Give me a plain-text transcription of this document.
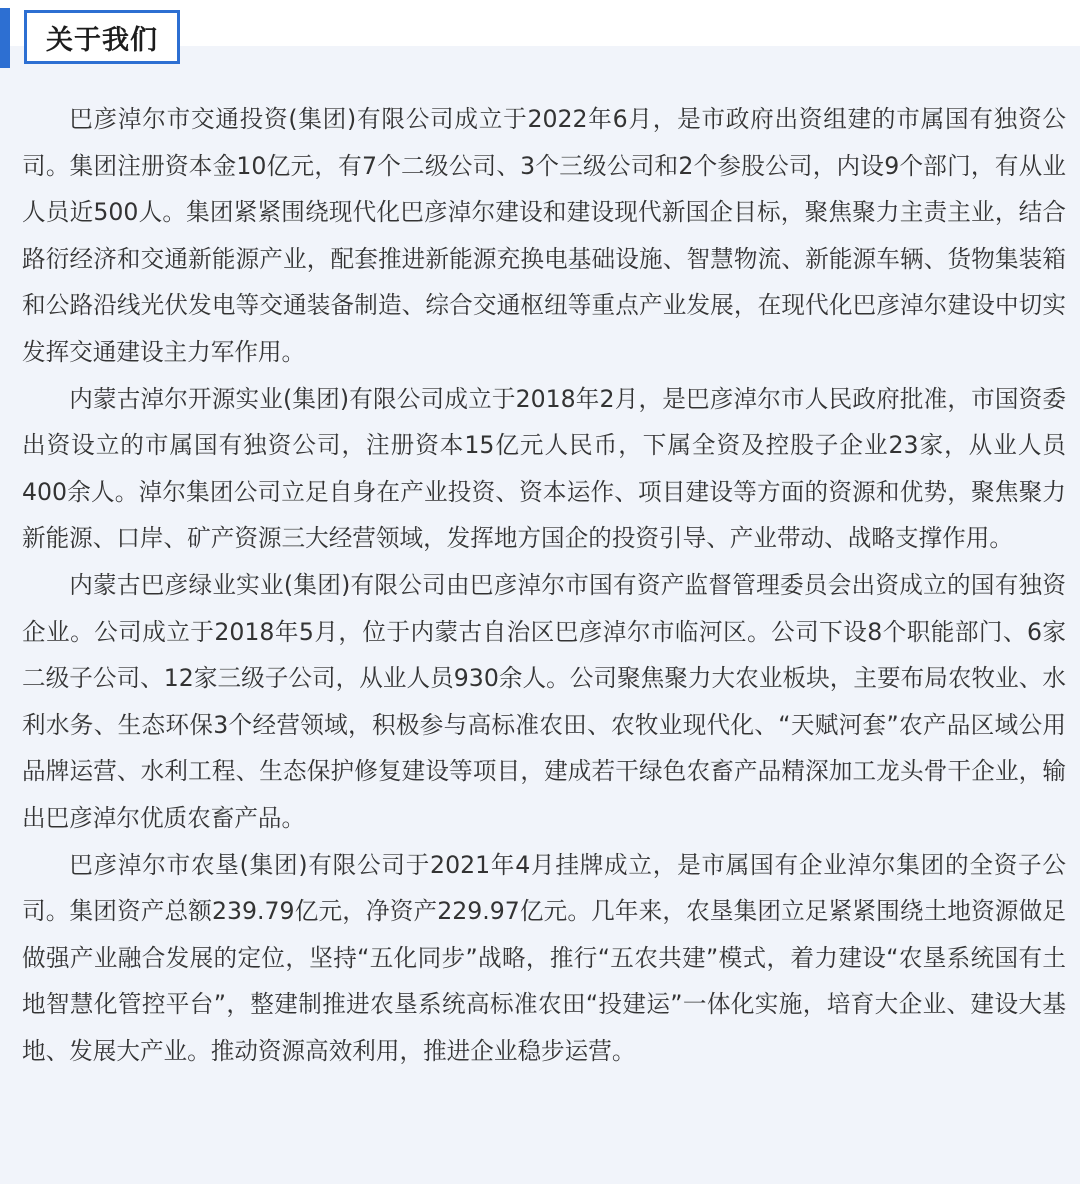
关于我们

巴彦淖尔市交通投资(集团)有限公司成立于2022年6月，是市政府出资组建的市属国有独资公司。集团注册资本金10亿元，有7个二级公司、3个三级公司和2个参股公司，内设9个部门，有从业人员近500人。集团紧紧围绕现代化巴彦淖尔建设和建设现代新国企目标，聚焦聚力主责主业，结合路衍经济和交通新能源产业，配套推进新能源充换电基础设施、智慧物流、新能源车辆、货物集装箱和公路沿线光伏发电等交通装备制造、综合交通枢纽等重点产业发展，在现代化巴彦淖尔建设中切实发挥交通建设主力军作用。

内蒙古淖尔开源实业(集团)有限公司成立于2018年2月，是巴彦淖尔市人民政府批准，市国资委出资设立的市属国有独资公司，注册资本15亿元人民币，下属全资及控股子企业23家，从业人员400余人。淖尔集团公司立足自身在产业投资、资本运作、项目建设等方面的资源和优势，聚焦聚力新能源、口岸、矿产资源三大经营领域，发挥地方国企的投资引导、产业带动、战略支撑作用。

内蒙古巴彦绿业实业(集团)有限公司由巴彦淖尔市国有资产监督管理委员会出资成立的国有独资企业。公司成立于2018年5月，位于内蒙古自治区巴彦淖尔市临河区。公司下设8个职能部门、6家二级子公司、12家三级子公司，从业人员930余人。公司聚焦聚力大农业板块，主要布局农牧业、水利水务、生态环保3个经营领域，积极参与高标准农田、农牧业现代化、“天赋河套”农产品区域公用品牌运营、水利工程、生态保护修复建设等项目，建成若干绿色农畜产品精深加工龙头骨干企业，输出巴彦淖尔优质农畜产品。

巴彦淖尔市农垦(集团)有限公司于2021年4月挂牌成立，是市属国有企业淖尔集团的全资子公司。集团资产总额239.79亿元，净资产229.97亿元。几年来，农垦集团立足紧紧围绕土地资源做足做强产业融合发展的定位，坚持“五化同步”战略，推行“五农共建”模式，着力建设“农垦系统国有土地智慧化管控平台”，整建制推进农垦系统高标准农田“投建运”一体化实施，培育大企业、建设大基地、发展大产业。推动资源高效利用，推进企业稳步运营。
